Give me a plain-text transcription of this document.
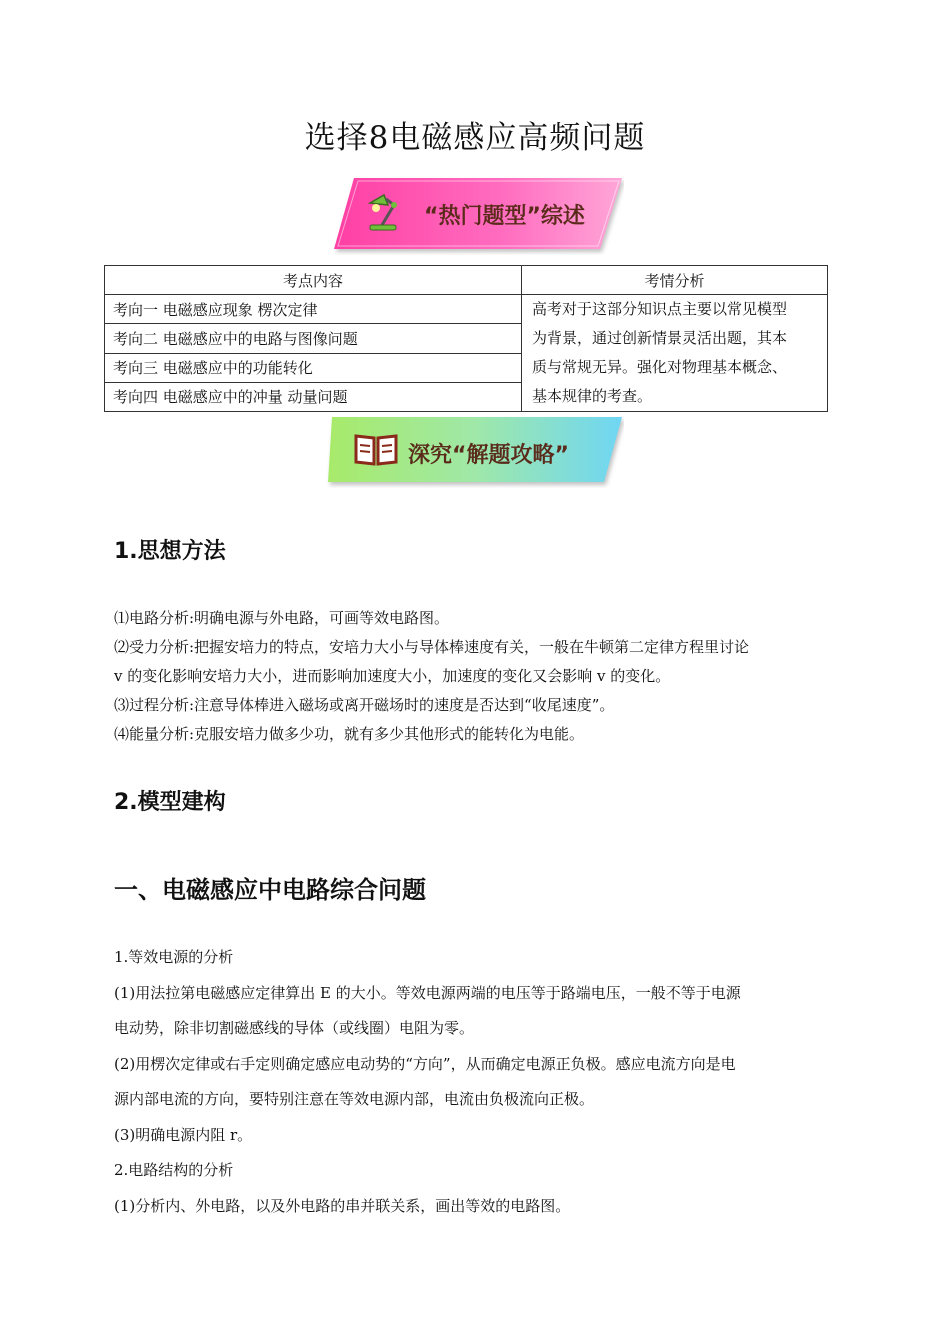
选择8电磁感应高频问题
“热门题型”综述
考点内容	考情分析
考向一 电磁感应现象 楞次定律	高考对于这部分知识点主要以常见模型
为背景，通过创新情景灵活出题，其本
质与常规无异。强化对物理基本概念、
基本规律的考查。

考向二 电磁感应中的电路与图像问题	
考向三 电磁感应中的功能转化	
考向四 电磁感应中的冲量 动量问题	
深究“解题攻略”
1.思想方法
⑴电路分析:明确电源与外电路，可画等效电路图。
⑵受力分析:把握安培力的特点，安培力大小与导体棒速度有关，一般在牛顿第二定律方程里讨论
v 的变化影响安培力大小，进而影响加速度大小，加速度的变化又会影响 v 的变化。
⑶过程分析:注意导体棒进入磁场或离开磁场时的速度是否达到“收尾速度”。
⑷能量分析:克服安培力做多少功，就有多少其他形式的能转化为电能。
2.模型建构
一、电磁感应中电路综合问题
1.等效电源的分析
(1)用法拉第电磁感应定律算出 E 的大小。等效电源两端的电压等于路端电压，一般不等于电源
电动势，除非切割磁感线的导体（或线圈）电阻为零。
(2)用楞次定律或右手定则确定感应电动势的“方向”，从而确定电源正负极。感应电流方向是电
源内部电流的方向，要特别注意在等效电源内部，电流由负极流向正极。
(3)明确电源内阻 r。
2.电路结构的分析
(1)分析内、外电路，以及外电路的串并联关系，画出等效的电路图。
